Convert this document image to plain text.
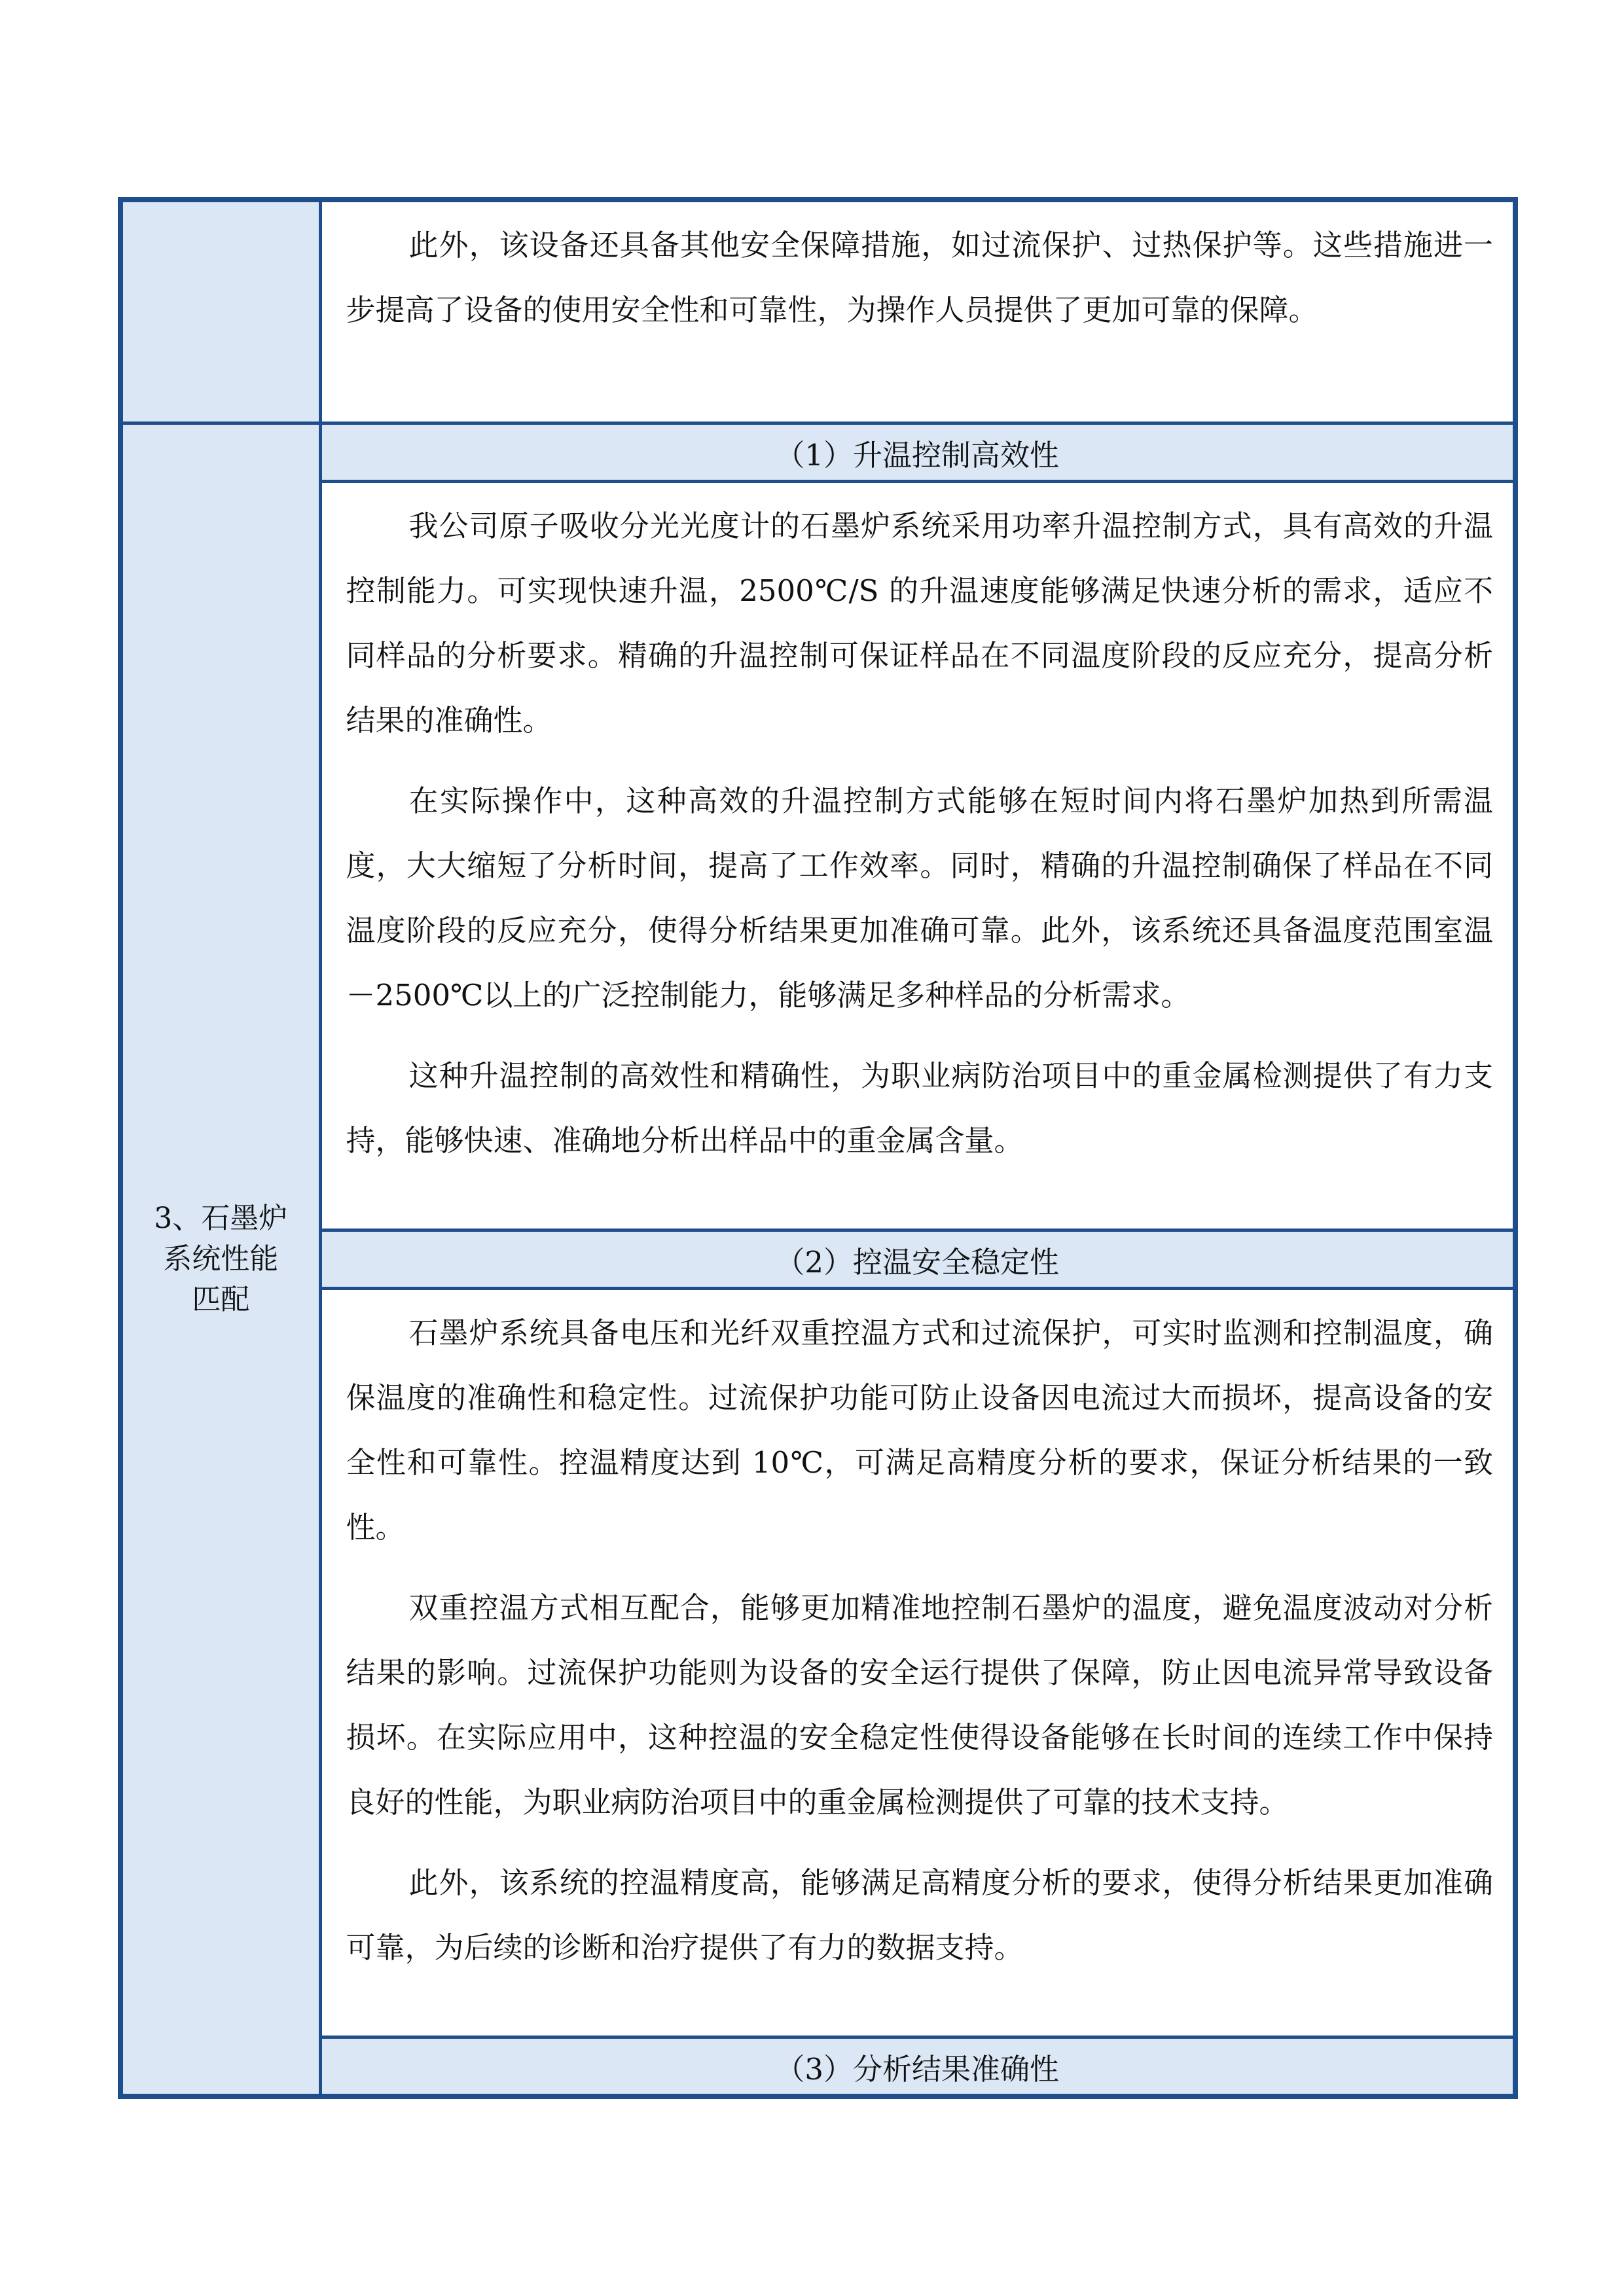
	此外，该设备还具备其他安全保障措施，如过流保护、过热保护等。这些措施进一步提高了设备的使用安全性和可靠性，为操作人员提供了更加可靠的保障。

3、石墨炉
系统性能
匹配	（1）升温控制高效性

	我公司原子吸收分光光度计的石墨炉系统采用功率升温控制方式，具有高效的升温控制能力。可实现快速升温，2500℃/S 的升温速度能够满足快速分析的需求，适应不同样品的分析要求。精确的升温控制可保证样品在不同温度阶段的反应充分，提高分析结果的准确性。

在实际操作中，这种高效的升温控制方式能够在短时间内将石墨炉加热到所需温度，大大缩短了分析时间，提高了工作效率。同时，精确的升温控制确保了样品在不同温度阶段的反应充分，使得分析结果更加准确可靠。此外，该系统还具备温度范围室温－2500℃以上的广泛控制能力，能够满足多种样品的分析需求。

这种升温控制的高效性和精确性，为职业病防治项目中的重金属检测提供了有力支持，能够快速、准确地分析出样品中的重金属含量。

	（2）控温安全稳定性

	石墨炉系统具备电压和光纤双重控温方式和过流保护，可实时监测和控制温度，确保温度的准确性和稳定性。过流保护功能可防止设备因电流过大而损坏，提高设备的安全性和可靠性。控温精度达到 10℃，可满足高精度分析的要求，保证分析结果的一致性。

双重控温方式相互配合，能够更加精准地控制石墨炉的温度，避免温度波动对分析结果的影响。过流保护功能则为设备的安全运行提供了保障，防止因电流异常导致设备损坏。在实际应用中，这种控温的安全稳定性使得设备能够在长时间的连续工作中保持良好的性能，为职业病防治项目中的重金属检测提供了可靠的技术支持。

此外，该系统的控温精度高，能够满足高精度分析的要求，使得分析结果更加准确可靠，为后续的诊断和治疗提供了有力的数据支持。

	（3）分析结果准确性
